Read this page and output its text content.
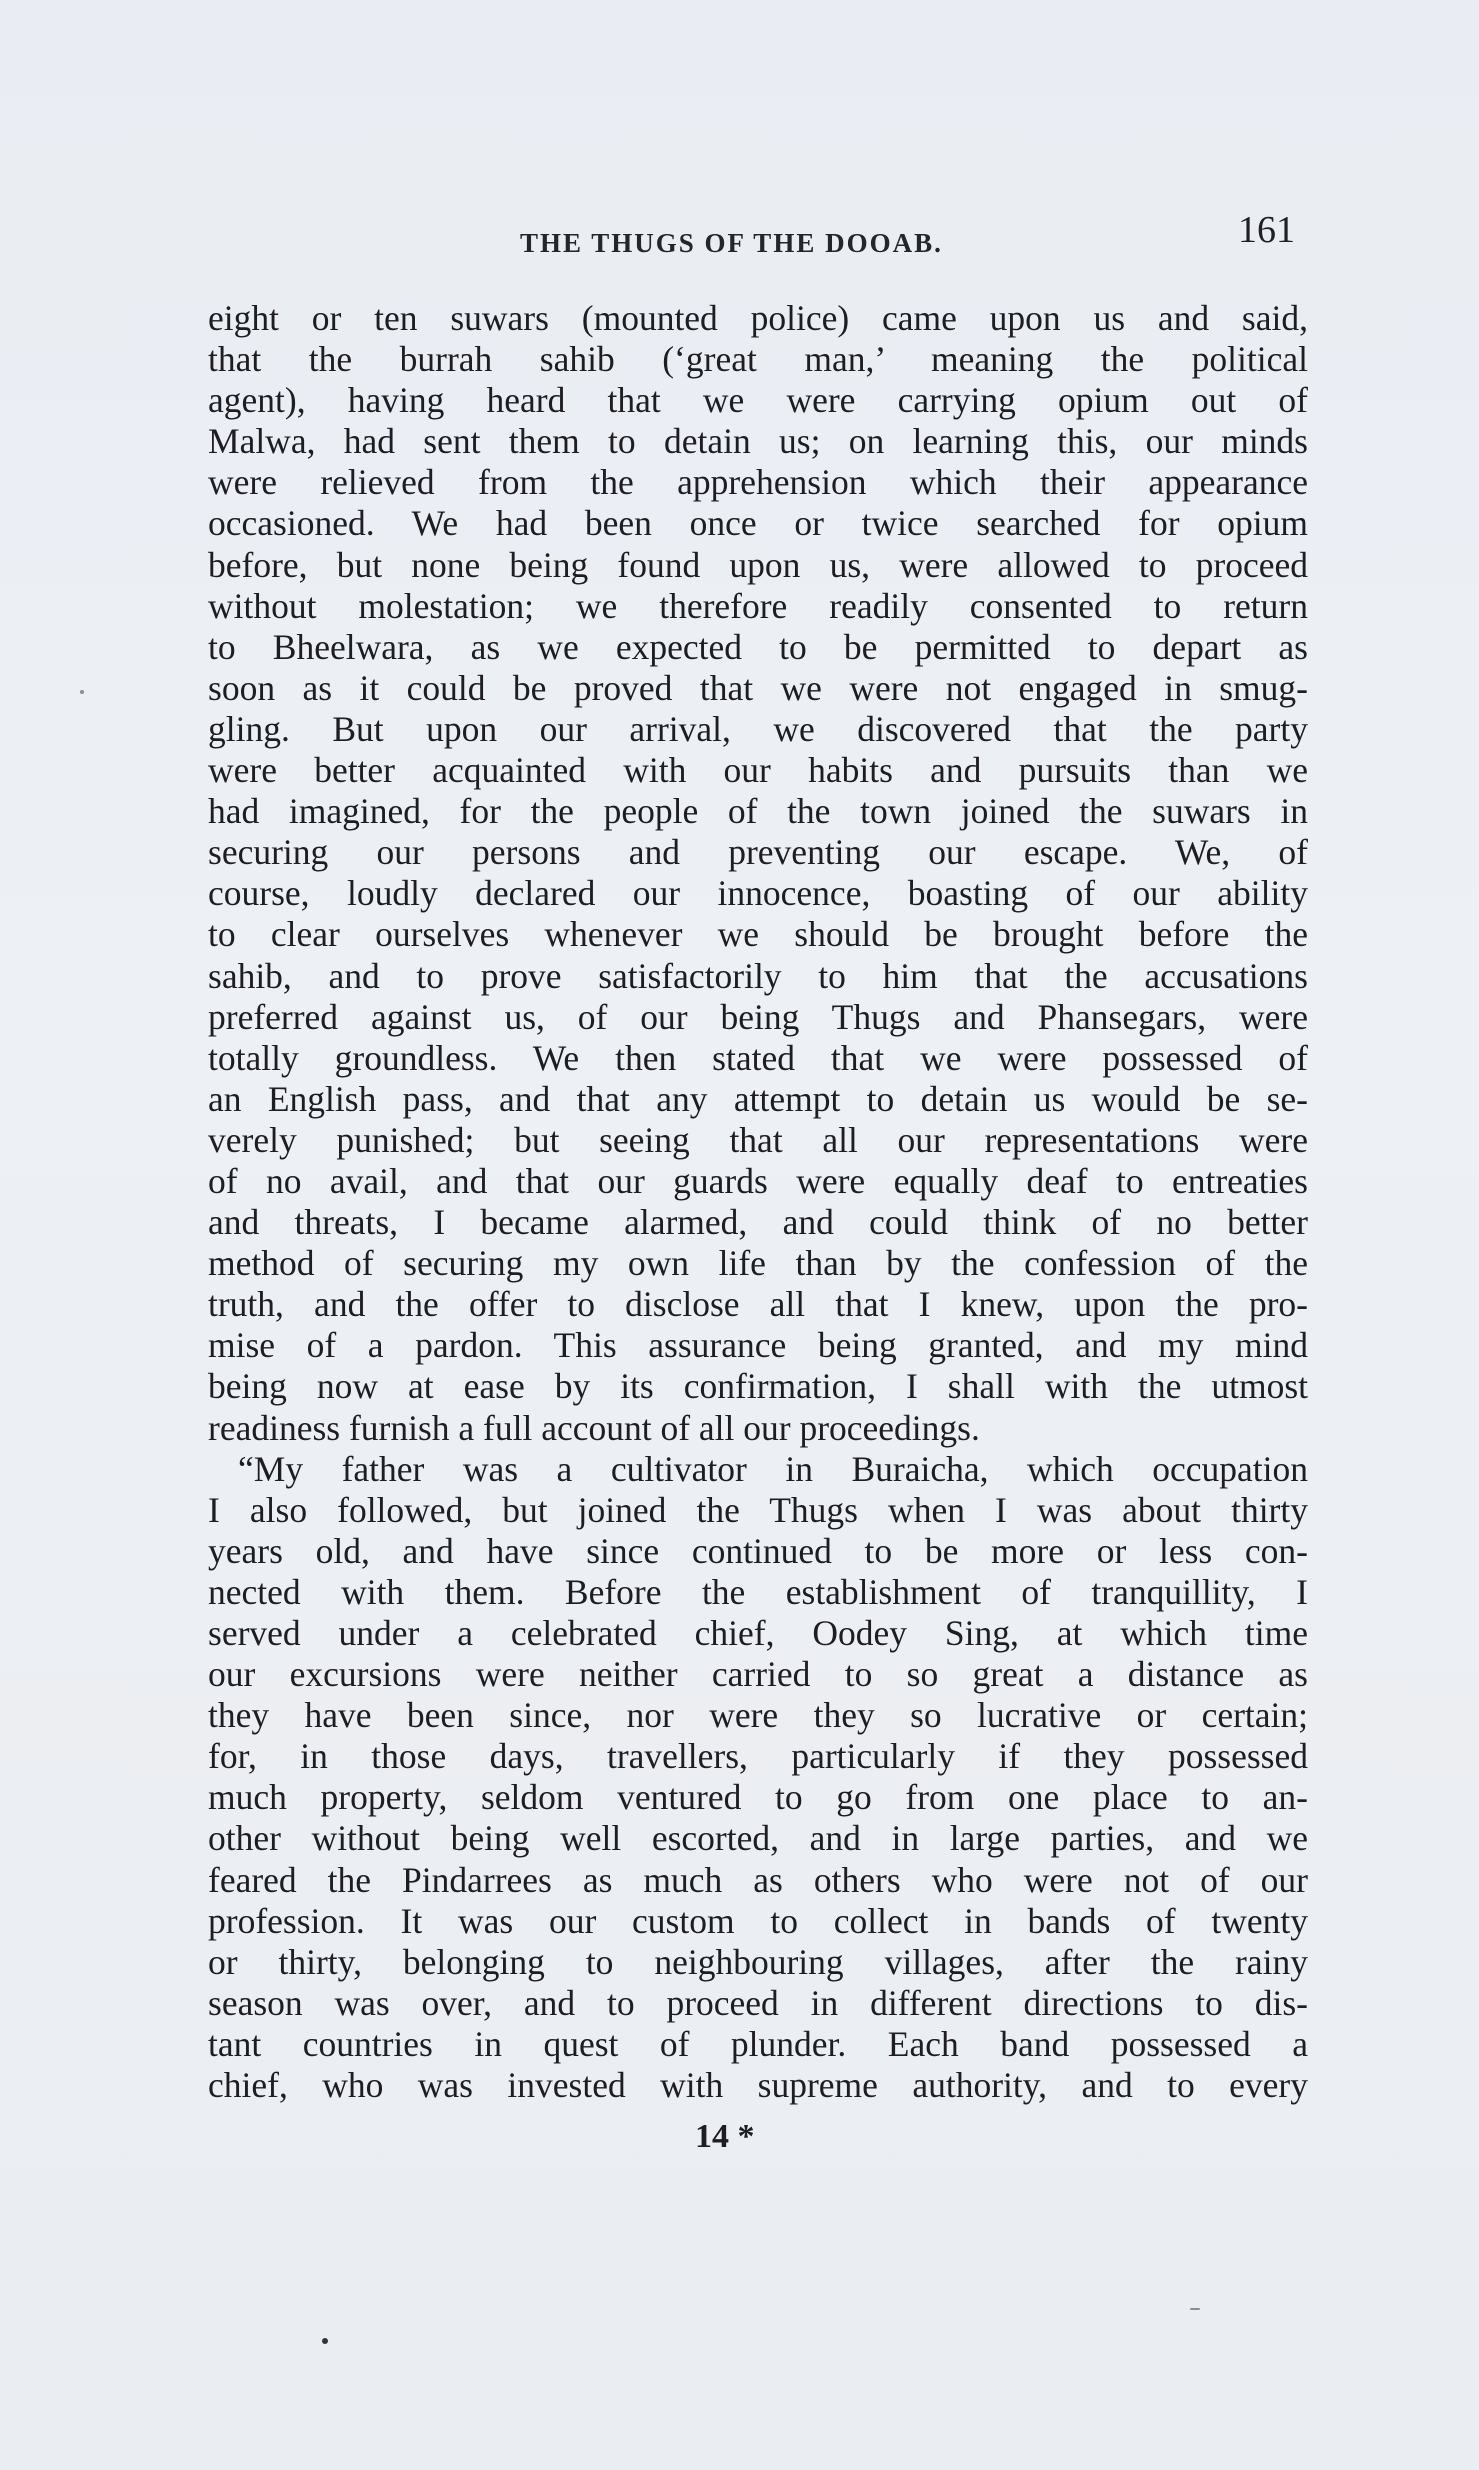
THE THUGS OF THE DOOAB.	161
eight or ten suwars (mounted police) came upon us and said,
that the burrah sahib (‘great man,’ meaning the political
agent), having heard that we were carrying opium out of
Malwa, had sent them to detain us; on learning this, our minds
were relieved from the apprehension which their appearance
occasioned. We had been once or twice searched for opium
before, but none being found upon us, were allowed to proceed
without molestation; we therefore readily consented to return
to Bheelwara, as we expected to be permitted to depart as
soon as it could be proved that we were not engaged in smug-
gling. But upon our arrival, we discovered that the party
were better acquainted with our habits and pursuits than we
had imagined, for the people of the town joined the suwars in
securing our persons and preventing our escape. We, of
course, loudly declared our innocence, boasting of our ability
to clear ourselves whenever we should be brought before the
sahib, and to prove satisfactorily to him that the accusations
preferred against us, of our being Thugs and Phansegars, were
totally groundless. We then stated that we were possessed of
an English pass, and that any attempt to detain us would be se-
verely punished; but seeing that all our representations were
of no avail, and that our guards were equally deaf to entreaties
and threats, I became alarmed, and could think of no better
method of securing my own life than by the confession of the
truth, and the offer to disclose all that I knew, upon the pro-
mise of a pardon. This assurance being granted, and my mind
being now at ease by its confirmation, I shall with the utmost
readiness furnish a full account of all our proceedings.
“My father was a cultivator in Buraicha, which occupation
I also followed, but joined the Thugs when I was about thirty
years old, and have since continued to be more or less con-
nected with them. Before the establishment of tranquillity, I
served under a celebrated chief, Oodey Sing, at which time
our excursions were neither carried to so great a distance as
they have been since, nor were they so lucrative or certain;
for, in those days, travellers, particularly if they possessed
much property, seldom ventured to go from one place to an-
other without being well escorted, and in large parties, and we
feared the Pindarrees as much as others who were not of our
profession. It was our custom to collect in bands of twenty
or thirty, belonging to neighbouring villages, after the rainy
season was over, and to proceed in different directions to dis-
tant countries in quest of plunder. Each band possessed a
chief, who was invested with supreme authority, and to every
14 *
